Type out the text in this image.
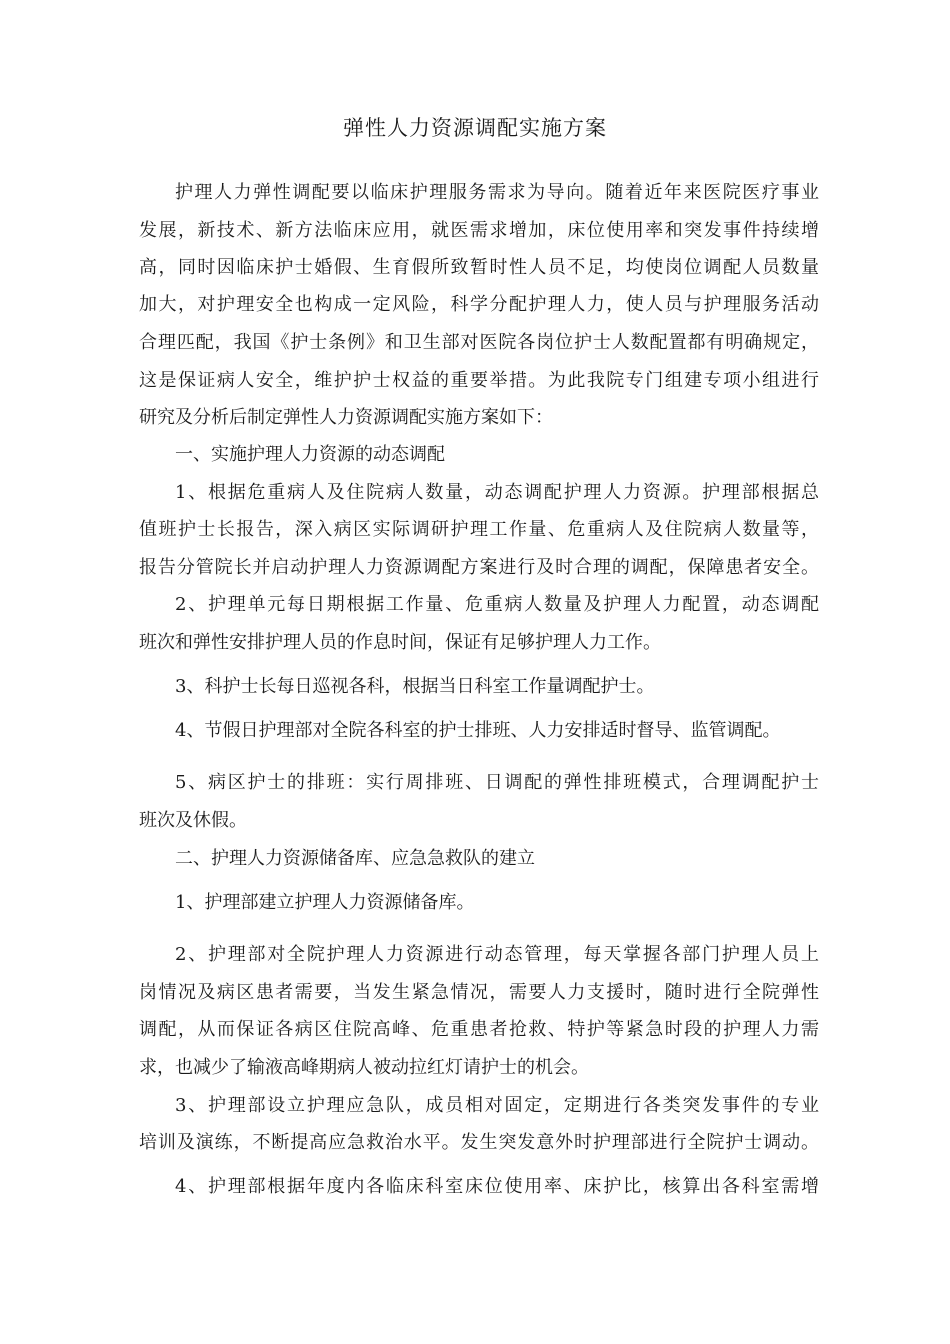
弹性人力资源调配实施方案
护理人力弹性调配要以临床护理服务需求为导向。随着近年来医院医疗事业
发展，新技术、新方法临床应用，就医需求增加，床位使用率和突发事件持续增
高，同时因临床护士婚假、生育假所致暂时性人员不足，均使岗位调配人员数量
加大，对护理安全也构成一定风险，科学分配护理人力，使人员与护理服务活动
合理匹配，我国《护士条例》和卫生部对医院各岗位护士人数配置都有明确规定，
这是保证病人安全，维护护士权益的重要举措。为此我院专门组建专项小组进行
研究及分析后制定弹性人力资源调配实施方案如下：
一、实施护理人力资源的动态调配
1、根据危重病人及住院病人数量，动态调配护理人力资源。护理部根据总
值班护士长报告，深入病区实际调研护理工作量、危重病人及住院病人数量等，
报告分管院长并启动护理人力资源调配方案进行及时合理的调配，保障患者安全。
2、护理单元每日期根据工作量、危重病人数量及护理人力配置，动态调配
班次和弹性安排护理人员的作息时间，保证有足够护理人力工作。
3、科护士长每日巡视各科，根据当日科室工作量调配护士。
4、节假日护理部对全院各科室的护士排班、人力安排适时督导、监管调配。
5、病区护士的排班：实行周排班、日调配的弹性排班模式，合理调配护士
班次及休假。
二、护理人力资源储备库、应急急救队的建立
1、护理部建立护理人力资源储备库。
2、护理部对全院护理人力资源进行动态管理，每天掌握各部门护理人员上
岗情况及病区患者需要，当发生紧急情况，需要人力支援时，随时进行全院弹性
调配，从而保证各病区住院高峰、危重患者抢救、特护等紧急时段的护理人力需
求，也减少了输液高峰期病人被动拉红灯请护士的机会。
3、护理部设立护理应急队，成员相对固定，定期进行各类突发事件的专业
培训及演练，不断提高应急救治水平。发生突发意外时护理部进行全院护士调动。
4、护理部根据年度内各临床科室床位使用率、床护比，核算出各科室需增
